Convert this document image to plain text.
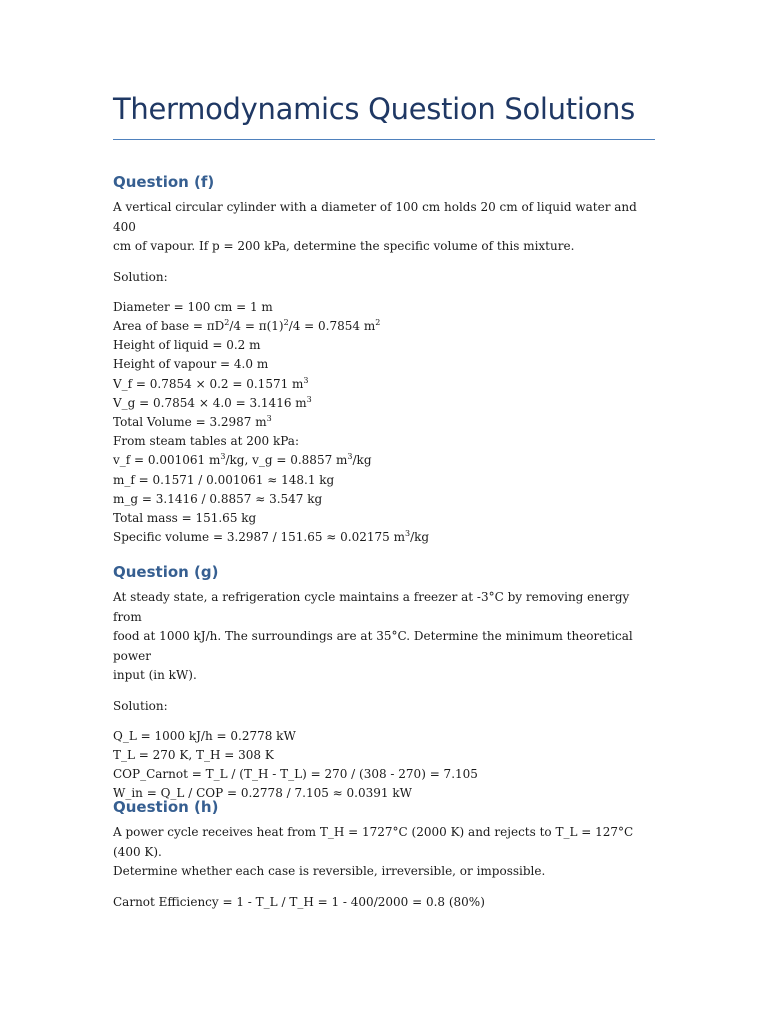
Thermodynamics Question Solutions
Question (f)
A vertical circular cylinder with a diameter of 100 cm holds 20 cm of liquid water and 400
cm of vapour. If p = 200 kPa, determine the specific volume of this mixture.
Solution:
Diameter = 100 cm = 1 m
Area of base = $\pi D^2/4 = \pi(1)^2/4 = 0.7854$ $m^2$
Height of liquid = 0.2 m
Height of vapour = 4.0 m
V_f = 0.7854 × 0.2 = 0.1571 $m^3$
V_g = 0.7854 × 4.0 = 3.1416 $m^3$
Total Volume = 3.2987 $m^3$
From steam tables at 200 kPa:
v_f = 0.001061 $m^3/kg$, v_g = 0.8857 $m^3/kg$
m_f = 0.1571 / 0.001061 ≈ 148.1 kg
m_g = 3.1416 / 0.8857 ≈ 3.547 kg
Total mass = 151.65 kg
Specific volume = 3.2987 / 151.65 ≈ 0.02175 $m^3/kg$
Question (g)
At steady state, a refrigeration cycle maintains a freezer at -3°C by removing energy from
food at 1000 kJ/h. The surroundings are at 35°C. Determine the minimum theoretical power
input (in kW).
Solution:
Q_L = 1000 kJ/h = 0.2778 kW
T_L = 270 K, T_H = 308 K
COP_Carnot = T_L / (T_H - T_L) = 270 / (308 - 270) = 7.105
W_in = Q_L / COP = 0.2778 / 7.105 ≈ 0.0391 kW
Question (h)
A power cycle receives heat from T_H = 1727°C (2000 K) and rejects to T_L = 127°C (400 K).
Determine whether each case is reversible, irreversible, or impossible.
Carnot Efficiency = 1 - T_L / T_H = 1 - 400/2000 = 0.8 (80%)
